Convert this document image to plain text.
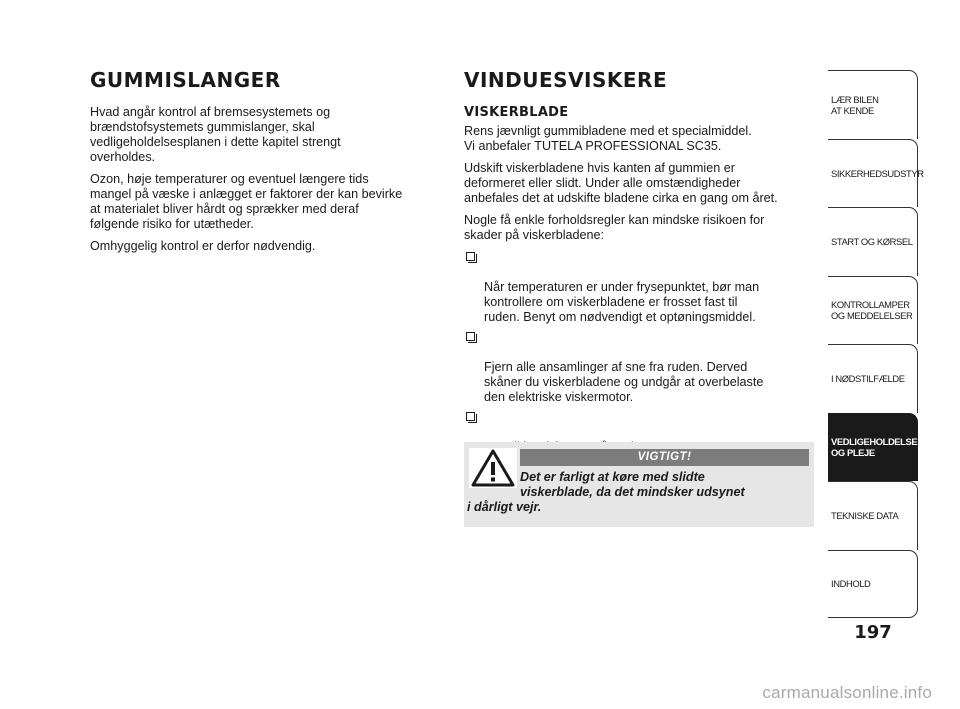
GUMMISLANGER

Hvad angår kontrol af bremsesystemets og
brændstofsystemets gummislanger, skal
vedligeholdelsesplanen i dette kapitel strengt
overholdes.

Ozon, høje temperaturer og eventuel længere tids
mangel på væske i anlægget er faktorer der kan bevirke
at materialet bliver hårdt og sprækker med deraf
følgende risiko for utætheder.

Omhyggelig kontrol er derfor nødvendig.

VINDUESVISKERE
VISKERBLADE

Rens jævnligt gummibladene med et specialmiddel.
Vi anbefaler TUTELA PROFESSIONAL SC35.

Udskift viskerbladene hvis kanten af gummien er
deformeret eller slidt. Under alle omstændigheder
anbefales det at udskifte bladene cirka en gang om året.

Nogle få enkle forholdsregler kan mindske risikoen for
skader på viskerbladene:

Når temperaturen er under frysepunktet, bør man
kontrollere om viskerbladene er frosset fast til
ruden. Benyt om nødvendigt et optøningsmiddel.

Fjern alle ansamlinger af sne fra ruden. Derved
skåner du viskerbladene og undgår at overbelaste
den elektriske viskermotor.

VIGTIGT!
Det er farligt at køre med slidte
viskerblade, da det mindsker udsynet
i dårligt vejr.
LÆR BILEN
AT KENDE
SIKKERHEDSUDSTYR
START OG KØRSEL
KONTROLLAMPER
OG MEDDELELSER
I NØDSTILFÆLDE
VEDLIGEHOLDELSE
OG PLEJE
TEKNISKE DATA
INDHOLD
197
carmanualsonline.info
